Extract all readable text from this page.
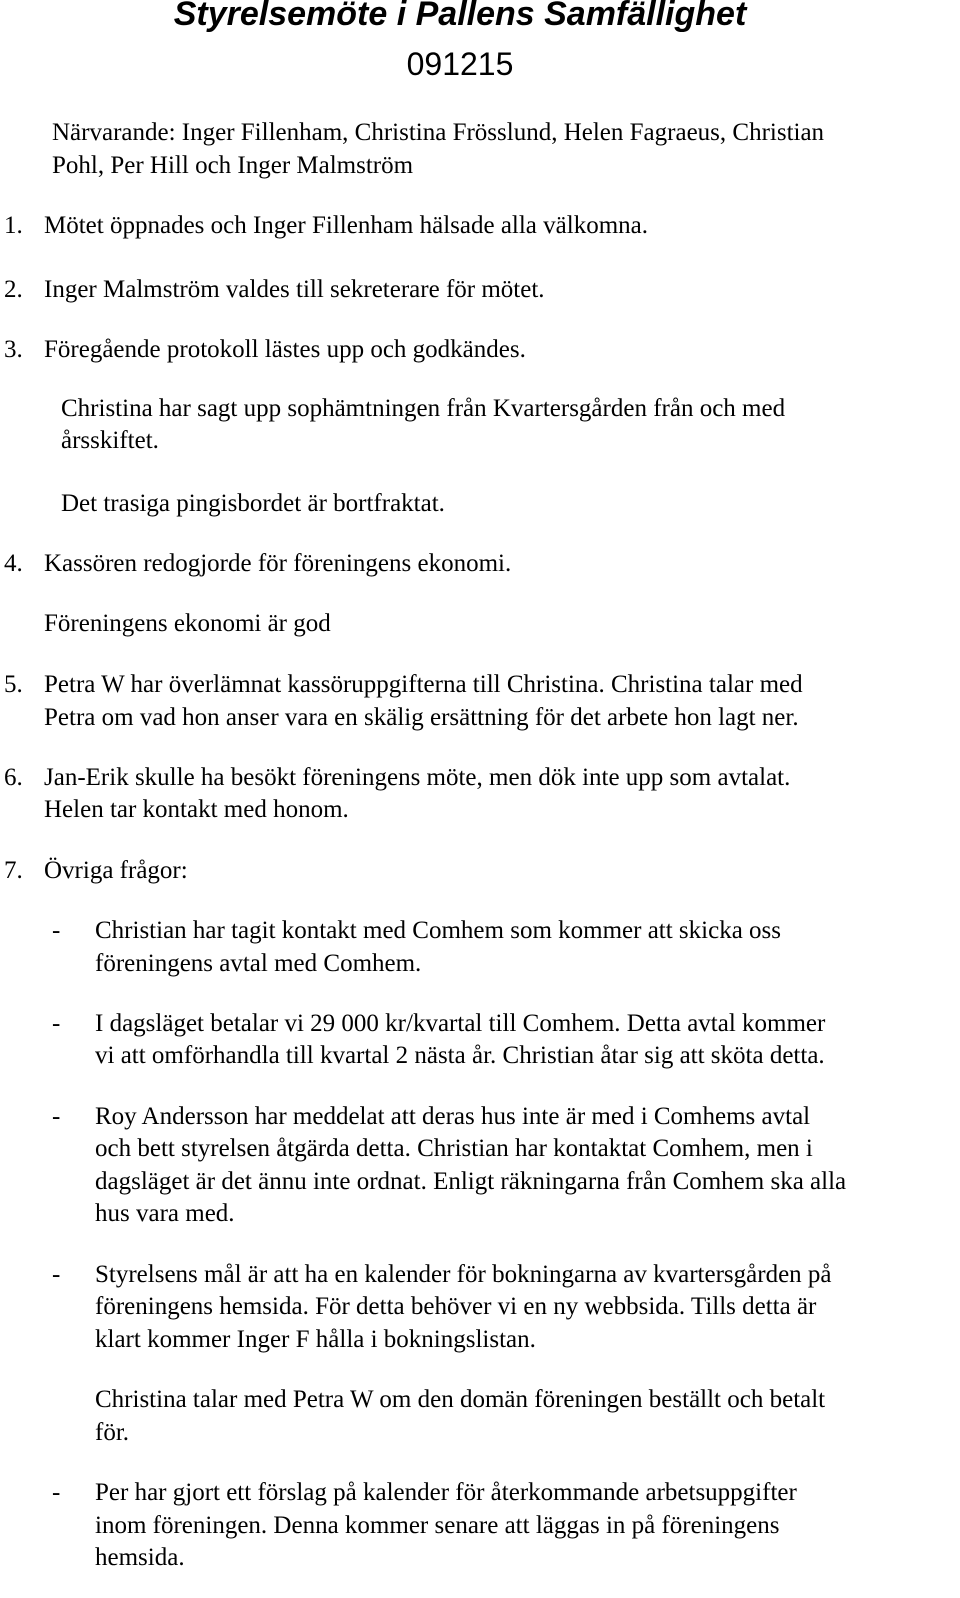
Styrelsemöte i Pallens Samfällighet
091215
Närvarande: Inger Fillenham, Christina Frösslund, Helen Fagraeus, Christian
Pohl, Per Hill och Inger Malmström
1. Mötet öppnades och Inger Fillenham hälsade alla välkomna.
2. Inger Malmström valdes till sekreterare för mötet.
3. Föregående protokoll lästes upp och godkändes.
Christina har sagt upp sophämtningen från Kvartersgården från och med
årsskiftet.
Det trasiga pingisbordet är bortfraktat.
4. Kassören redogjorde för föreningens ekonomi.
Föreningens ekonomi är god
5. Petra W har överlämnat kassöruppgifterna till Christina. Christina talar med
Petra om vad hon anser vara en skälig ersättning för det arbete hon lagt ner.
6. Jan-Erik skulle ha besökt föreningens möte, men dök inte upp som avtalat.
Helen tar kontakt med honom.
7. Övriga frågor:
- Christian har tagit kontakt med Comhem som kommer att skicka oss
föreningens avtal med Comhem.
- I dagsläget betalar vi 29 000 kr/kvartal till Comhem. Detta avtal kommer
vi att omförhandla till kvartal 2 nästa år. Christian åtar sig att sköta detta.
- Roy Andersson har meddelat att deras hus inte är med i Comhems avtal
och bett styrelsen åtgärda detta. Christian har kontaktat Comhem, men i
dagsläget är det ännu inte ordnat. Enligt räkningarna från Comhem ska alla
hus vara med.
- Styrelsens mål är att ha en kalender för bokningarna av kvartersgården på
föreningens hemsida. För detta behöver vi en ny webbsida. Tills detta är
klart kommer Inger F hålla i bokningslistan.
Christina talar med Petra W om den domän föreningen beställt och betalt
för.
- Per har gjort ett förslag på kalender för återkommande arbetsuppgifter
inom föreningen. Denna kommer senare att läggas in på föreningens
hemsida.
